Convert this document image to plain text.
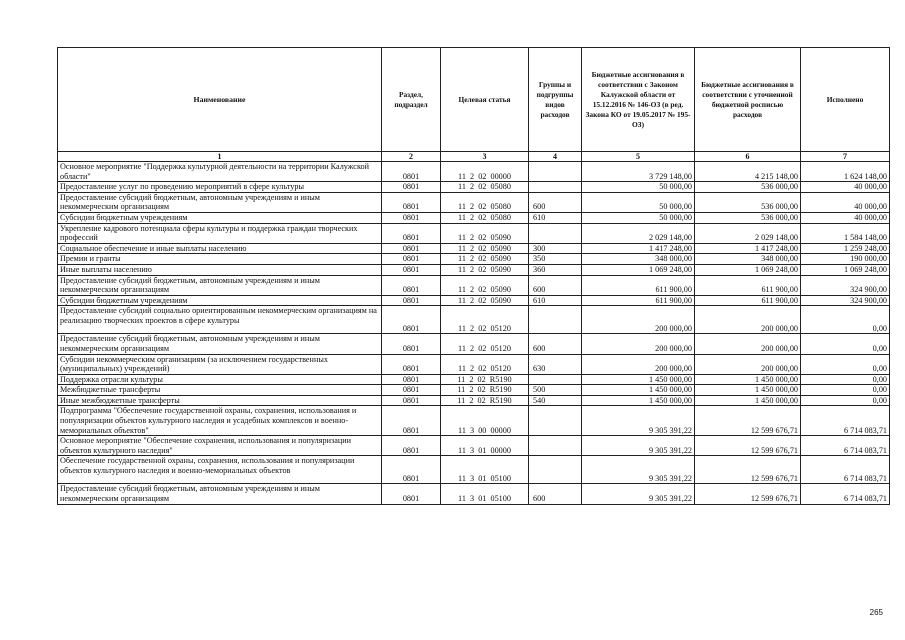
Наименование	Раздел, подраздел	Целевая статья	Группы и подгруппы видов расходов	Бюджетные ассигнования в соответствии с Законом Калужской области от 15.12.2016 № 146-ОЗ (в ред. Закона КО от 19.05.2017 № 195-ОЗ)	Бюджетные ассигнования в соответствии с уточненной бюджетной росписью расходов	Исполнено
1	2	3	4	5	6	7
Основное мероприятие "Поддержка культурной деятельности на территории Калужской области"	0801	11  2  02  00000		3 729 148,00	4 215 148,00	1 624 148,00
Предоставление услуг по проведению мероприятий в сфере культуры	0801	11  2  02  05080		50 000,00	536 000,00	40 000,00
Предоставление субсидий бюджетным, автономным учреждениям и иным некоммерческим организациям	0801	11  2  02  05080	600	50 000,00	536 000,00	40 000,00
Субсидии бюджетным учреждениям	0801	11  2  02  05080	610	50 000,00	536 000,00	40 000,00
Укрепление кадрового потенциала сферы культуры и поддержка граждан творческих профессий	0801	11  2  02  05090		2 029 148,00	2 029 148,00	1 584 148,00
Социальное обеспечение и иные выплаты населению	0801	11  2  02  05090	300	1 417 248,00	1 417 248,00	1 259 248,00
Премии и гранты	0801	11  2  02  05090	350	348 000,00	348 000,00	190 000,00
Иные выплаты населению	0801	11  2  02  05090	360	1 069 248,00	1 069 248,00	1 069 248,00
Предоставление субсидий бюджетным, автономным учреждениям и иным некоммерческим организациям	0801	11  2  02  05090	600	611 900,00	611 900,00	324 900,00
Субсидии бюджетным учреждениям	0801	11  2  02  05090	610	611 900,00	611 900,00	324 900,00
Предоставление субсидий социально ориентированным некоммерческим организациям на реализацию творческих проектов в сфере культуры	0801	11  2  02  05120		200 000,00	200 000,00	0,00
Предоставление субсидий бюджетным, автономным учреждениям и иным некоммерческим организациям	0801	11  2  02  05120	600	200 000,00	200 000,00	0,00
Субсидии некоммерческим организациям (за исключением государственных (муниципальных) учреждений)	0801	11  2  02  05120	630	200 000,00	200 000,00	0,00
Поддержка отрасли культуры	0801	11  2  02  R5190		1 450 000,00	1 450 000,00	0,00
Межбюджетные трансферты	0801	11  2  02  R5190	500	1 450 000,00	1 450 000,00	0,00
Иные межбюджетные трансферты	0801	11  2  02  R5190	540	1 450 000,00	1 450 000,00	0,00
Подпрограмма "Обеспечение государственной охраны, сохранения, использования и популяризации объектов культурного наследия и усадебных комплексов и военно-мемориальных объектов"	0801	11  3  00  00000		9 305 391,22	12 599 676,71	6 714 083,71
Основное мероприятие "Обеспечение сохранения, использования и популяризации объектов культурного наследия"	0801	11  3  01  00000		9 305 391,22	12 599 676,71	6 714 083,71
Обеспечение государственной охраны, сохранения, использования и популяризации объектов культурного наследия и военно-мемориальных объектов	0801	11  3  01  05100		9 305 391,22	12 599 676,71	6 714 083,71
Предоставление субсидий бюджетным, автономным учреждениям и иным некоммерческим организациям	0801	11  3  01  05100	600	9 305 391,22	12 599 676,71	6 714 083,71
265
